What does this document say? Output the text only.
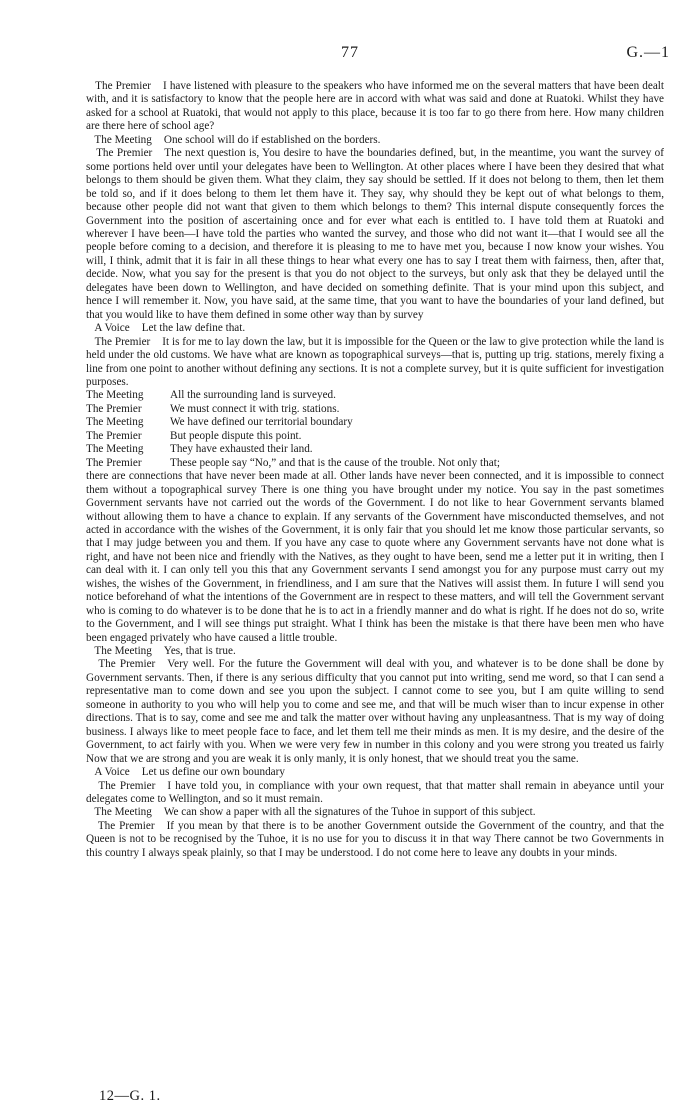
77	G.—1

The Premier I have listened with pleasure to the speakers who have informed me on the several matters that have been dealt with, and it is satisfactory to know that the people here are in accord with what was said and done at Ruatoki. Whilst they have asked for a school at Ruatoki, that would not apply to this place, because it is too far to go there from here. How many children are there here of school age?

The Meeting One school will do if established on the borders.

The Premier The next question is, You desire to have the boundaries defined, but, in the meantime, you want the survey of some portions held over until your delegates have been to Wellington. At other places where I have been they desired that what belongs to them should be given them. What they claim, they say should be settled. If it does not belong to them, then let them be told so, and if it does belong to them let them have it. They say, why should they be kept out of what belongs to them, because other people did not want that given to them which belongs to them? This internal dispute consequently forces the Government into the position of ascertaining once and for ever what each is entitled to. I have told them at Ruatoki and wherever I have been—I have told the parties who wanted the survey, and those who did not want it—that I would see all the people before coming to a decision, and therefore it is pleasing to me to have met you, because I now know your wishes. You will, I think, admit that it is fair in all these things to hear what every one has to say I treat them with fairness, then, after that, decide. Now, what you say for the present is that you do not object to the surveys, but only ask that they be delayed until the delegates have been down to Wellington, and have decided on something definite. That is your mind upon this subject, and hence I will remember it. Now, you have said, at the same time, that you want to have the boundaries of your land defined, but that you would like to have them defined in some other way than by survey

A Voice Let the law define that.

The Premier It is for me to lay down the law, but it is impossible for the Queen or the law to give protection while the land is held under the old customs. We have what are known as topographical surveys—that is, putting up trig. stations, merely fixing a line from one point to another without defining any sections. It is not a complete survey, but it is quite sufficient for investigation purposes.

The Meeting	All the surrounding land is surveyed.
The Premier	We must connect it with trig. stations.
The Meeting	We have defined our territorial boundary
The Premier	But people dispute this point.
The Meeting	They have exhausted their land.
The Premier	These people say “No,” and that is the cause of the trouble. Not only that;

there are connections that have never been made at all. Other lands have never been connected, and it is impossible to connect them without a topographical survey There is one thing you have brought under my notice. You say in the past sometimes Government servants have not carried out the words of the Government. I do not like to hear Government servants blamed without allowing them to have a chance to explain. If any servants of the Government have misconducted themselves, and not acted in accordance with the wishes of the Government, it is only fair that you should let me know those particular servants, so that I may judge between you and them. If you have any case to quote where any Government servants have not done what is right, and have not been nice and friendly with the Natives, as they ought to have been, send me a letter put it in writing, then I can deal with it. I can only tell you this that any Government servants I send amongst you for any purpose must carry out my wishes, the wishes of the Government, in friendliness, and I am sure that the Natives will assist them. In future I will send you notice beforehand of what the intentions of the Government are in respect to these matters, and will tell the Government servant who is coming to do whatever is to be done that he is to act in a friendly manner and do what is right. If he does not do so, write to the Government, and I will see things put straight. What I think has been the mistake is that there have been men who have been engaged privately who have caused a little trouble.

The Meeting Yes, that is true.

The Premier Very well. For the future the Government will deal with you, and whatever is to be done shall be done by Government servants. Then, if there is any serious difficulty that you cannot put into writing, send me word, so that I can send a representative man to come down and see you upon the subject. I cannot come to see you, but I am quite willing to send someone in authority to you who will help you to come and see me, and that will be much wiser than to incur expense in other directions. That is to say, come and see me and talk the matter over without having any unpleasantness. That is my way of doing business. I always like to meet people face to face, and let them tell me their minds as men. It is my desire, and the desire of the Government, to act fairly with you. When we were very few in number in this colony and you were strong you treated us fairly Now that we are strong and you are weak it is only manly, it is only honest, that we should treat you the same.

A Voice Let us define our own boundary

The Premier I have told you, in compliance with your own request, that that matter shall remain in abeyance until your delegates come to Wellington, and so it must remain.

The Meeting We can show a paper with all the signatures of the Tuhoe in support of this subject.

The Premier If you mean by that there is to be another Government outside the Government of the country, and that the Queen is not to be recognised by the Tuhoe, it is no use for you to discuss it in that way There cannot be two Governments in this country I always speak plainly, so that I may be understood. I do not come here to leave any doubts in your minds.

12—G. 1.
